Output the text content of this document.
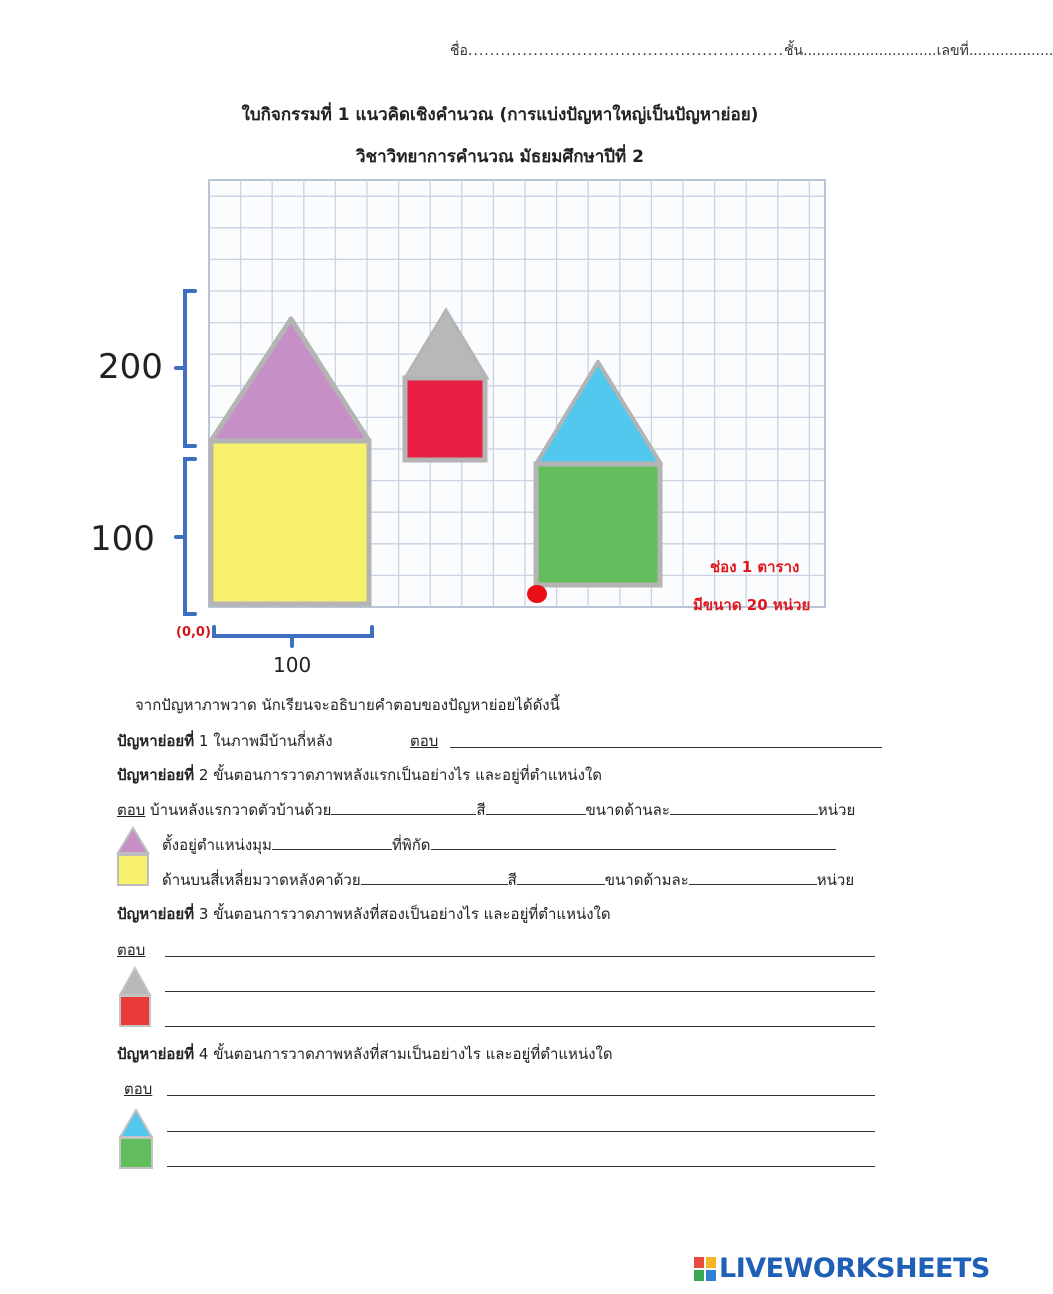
ชื่อ..........................................................ชั้น..............................เลขที่...................
ใบกิจกรรมที่ 1 แนวคิดเชิงคำนวณ (การแบ่งปัญหาใหญ่เป็นปัญหาย่อย)
วิชาวิทยาการคำนวณ มัธยมศึกษาปีที่ 2
200
100
100
(0,0)
ช่อง 1 ตาราง
มีขนาด 20 หน่วย
จากปัญหาภาพวาด นักเรียนจะอธิบายคำตอบของปัญหาย่อยได้ดังนี้
ปัญหาย่อยที่ 1 ในภาพมีบ้านกี่หลัง	ตอบ
ปัญหาย่อยที่ 2 ขั้นตอนการวาดภาพหลังแรกเป็นอย่างไร และอยู่ที่ตำแหน่งใด
ตอบ บ้านหลังแรกวาดตัวบ้านด้วย	สี	ขนาดด้านละ	หน่วย
ตั้งอยู่ตำแหน่งมุม	ที่พิกัด
ด้านบนสี่เหลี่ยมวาดหลังคาด้วย	สี	ขนาดด้ามละ	หน่วย
ปัญหาย่อยที่ 3 ขั้นตอนการวาดภาพหลังที่สองเป็นอย่างไร และอยู่ที่ตำแหน่งใด
ตอบ
ปัญหาย่อยที่ 4 ขั้นตอนการวาดภาพหลังที่สามเป็นอย่างไร และอยู่ที่ตำแหน่งใด
ตอบ
LIVEWORKSHEETS
